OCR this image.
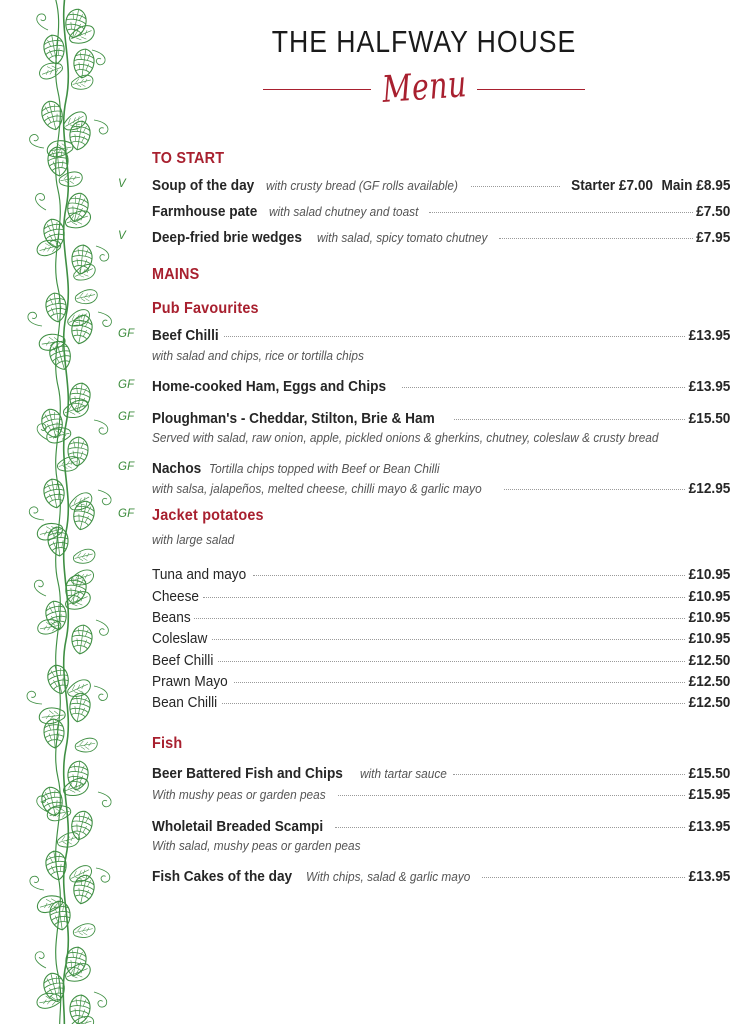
THE HALFWAY HOUSE
Menu
TO START
V	Soup of the day with crusty bread (GF rolls available)	Starter £7.00 Main £8.95
Farmhouse pate with salad chutney and toast	£7.50
V	Deep-fried brie wedges with salad, spicy tomato chutney	£7.95
MAINS
Pub Favourites
GF	Beef Chilli	£13.95
with salad and chips, rice or tortilla chips
GF	Home-cooked Ham, Eggs and Chips	£13.95
GF	Ploughman's - Cheddar, Stilton, Brie & Ham	£15.50
Served with salad, raw onion, apple, pickled onions & gherkins, chutney, coleslaw & crusty bread
GF	Nachos Tortilla chips topped with Beef or Bean Chilli
with salsa, jalapeños, melted cheese, chilli mayo & garlic mayo	£12.95
GF	Jacket potatoes
with large salad
Tuna and mayo	£10.95
Cheese	£10.95
Beans	£10.95
Coleslaw	£10.95
Beef Chilli	£12.50
Prawn Mayo	£12.50
Bean Chilli	£12.50
Fish
Beer Battered Fish and Chips with tartar sauce	£15.50
With mushy peas or garden peas	£15.95
Wholetail Breaded Scampi	£13.95
With salad, mushy peas or garden peas
Fish Cakes of the day With chips, salad & garlic mayo	£13.95
